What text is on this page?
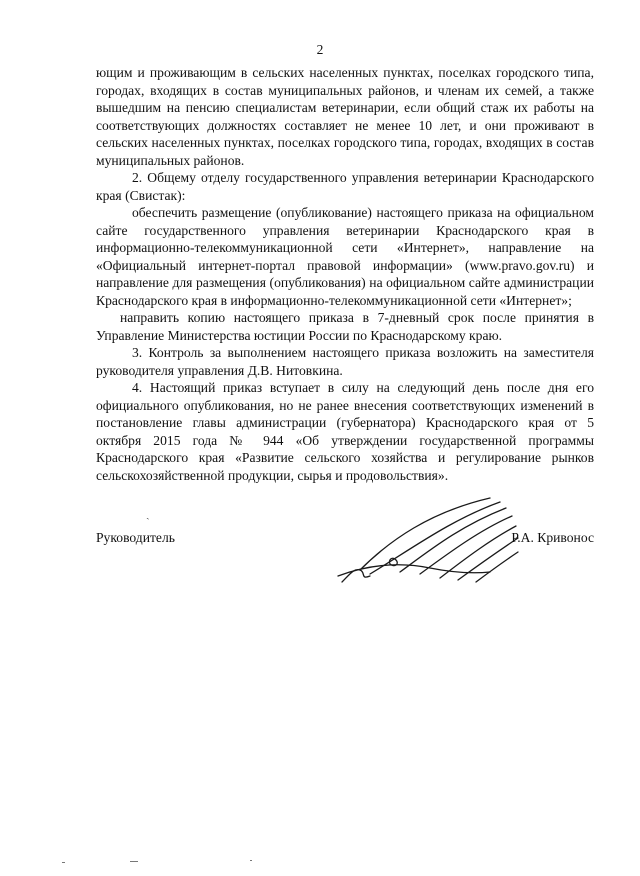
2

ющим и проживающим в сельских населенных пунктах, поселках городского типа, городах, входящих в состав муниципальных районов, и членам их семей, а также вышедшим на пенсию специалистам ветеринарии, если общий стаж их работы на соответствующих должностях составляет не менее 10 лет, и они проживают в сельских населенных пунктах, поселках городского типа, городах, входящих в состав муниципальных районов.

2. Общему отделу государственного управления ветеринарии Краснодарского края (Свистак):

обеспечить размещение (опубликование) настоящего приказа на официальном сайте государственного управления ветеринарии Краснодарского края в информационно-телекоммуникационной сети «Интернет», направление на «Официальный интернет-портал правовой информации» (www.pravo.gov.ru) и направление для размещения (опубликования) на официальном сайте администрации Краснодарского края в информационно-телекоммуникационной сети «Интернет»;

направить копию настоящего приказа в 7-дневный срок после принятия в Управление Министерства юстиции России по Краснодарскому краю.

3. Контроль за выполнением настоящего приказа возложить на заместителя руководителя управления Д.В. Нитовкина.

4. Настоящий приказ вступает в силу на следующий день после дня его официального опубликования, но не ранее внесения соответствующих изменений в постановление главы администрации (губернатора) Краснодарского края от 5 октября 2015 года № 944 «Об утверждении государственной программы Краснодарского края «Развитие сельского хозяйства и регулирование рынков сельскохозяйственной продукции, сырья и продовольствия».

ˎ
Руководитель	Р.А. Кривонос
